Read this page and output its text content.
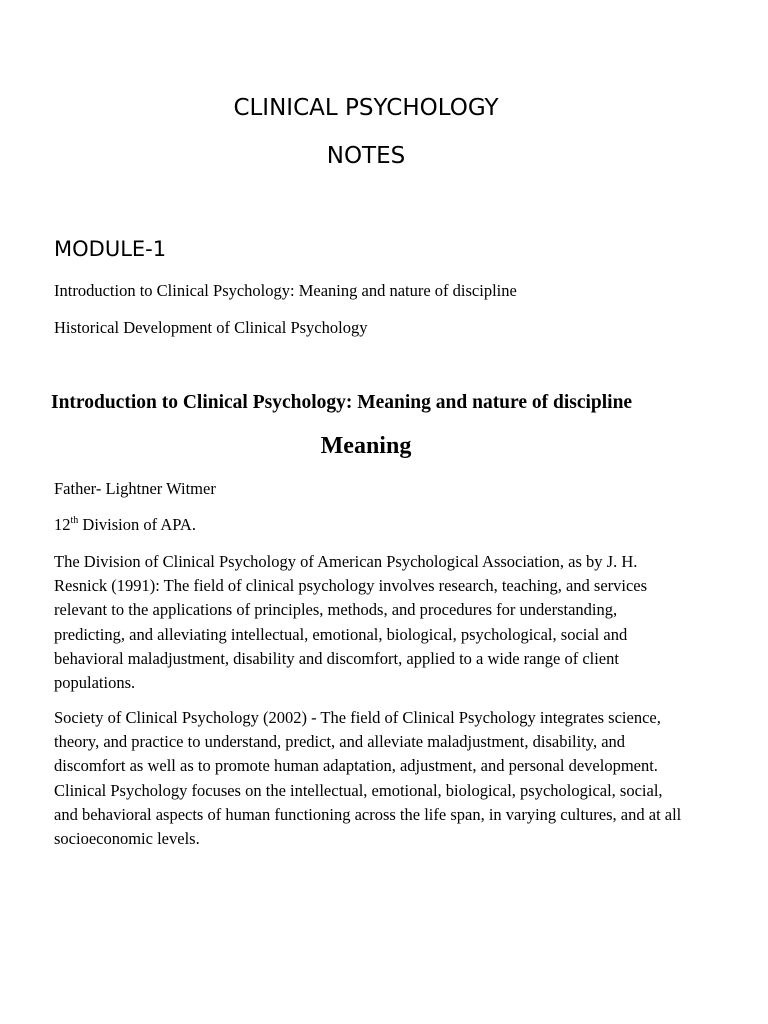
CLINICAL PSYCHOLOGY
NOTES
MODULE-1

Introduction to Clinical Psychology: Meaning and nature of discipline

Historical Development of Clinical Psychology

Introduction to Clinical Psychology: Meaning and nature of discipline
Meaning

Father- Lightner Witmer

12th Division of APA.

The Division of Clinical Psychology of American Psychological Association, as by J. H. Resnick (1991): The field of clinical psychology involves research, teaching, and services relevant to the applications of principles, methods, and procedures for understanding, predicting, and alleviating intellectual, emotional, biological, psychological, social and behavioral maladjustment, disability and discomfort, applied to a wide range of client populations.

Society of Clinical Psychology (2002) - The field of Clinical Psychology integrates science, theory, and practice to understand, predict, and alleviate maladjustment, disability, and discomfort as well as to promote human adaptation, adjustment, and personal development. Clinical Psychology focuses on the intellectual, emotional, biological, psychological, social, and behavioral aspects of human functioning across the life span, in varying cultures, and at all socioeconomic levels.
